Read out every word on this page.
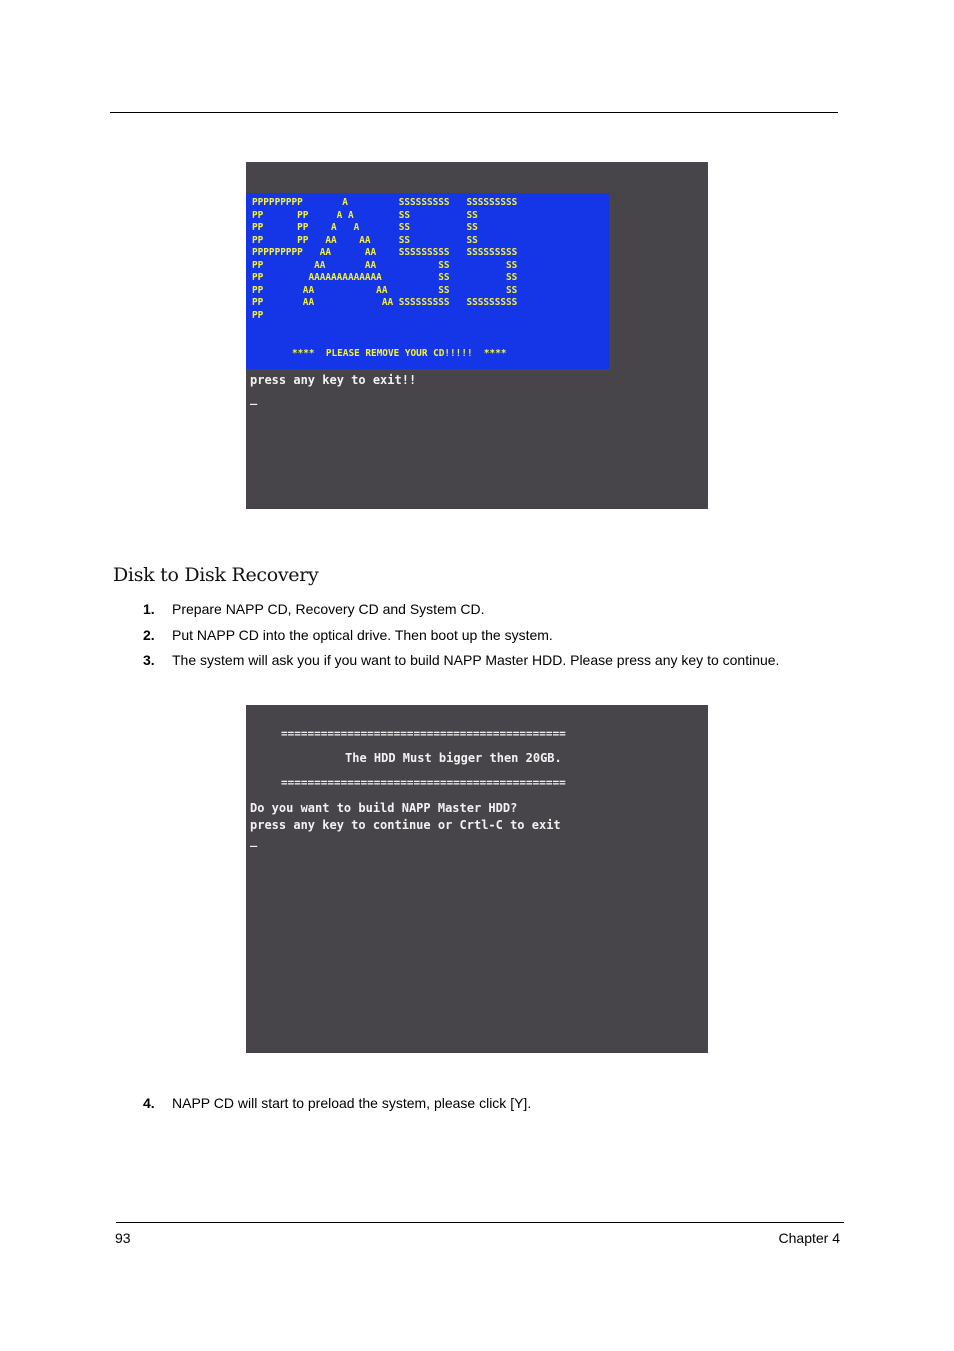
PPPPPPPPP       A         SSSSSSSSS   SSSSSSSSS
PP      PP     A A        SS          SS
PP      PP    A   A       SS          SS
PP      PP   AA    AA     SS          SS
PPPPPPPPP   AA      AA    SSSSSSSSS   SSSSSSSSS
PP         AA       AA           SS          SS
PP        AAAAAAAAAAAAA          SS          SS
PP       AA           AA         SS          SS
PP       AA            AA SSSSSSSSS   SSSSSSSSS
PP
****  PLEASE REMOVE YOUR CD!!!!!  ****
press any key to exit!!
_
Disk to Disk Recovery
1. Prepare NAPP CD, Recovery CD and System CD.
2. Put NAPP CD into the optical drive. Then boot up the system.
3. The system will ask you if you want to build NAPP Master HDD. Please press any key to continue.
===========================================
The HDD Must bigger then 20GB.
===========================================
Do you want to build NAPP Master HDD?
press any key to continue or Crtl-C to exit
_
4. NAPP CD will start to preload the system, please click [Y].
93	Chapter 4
